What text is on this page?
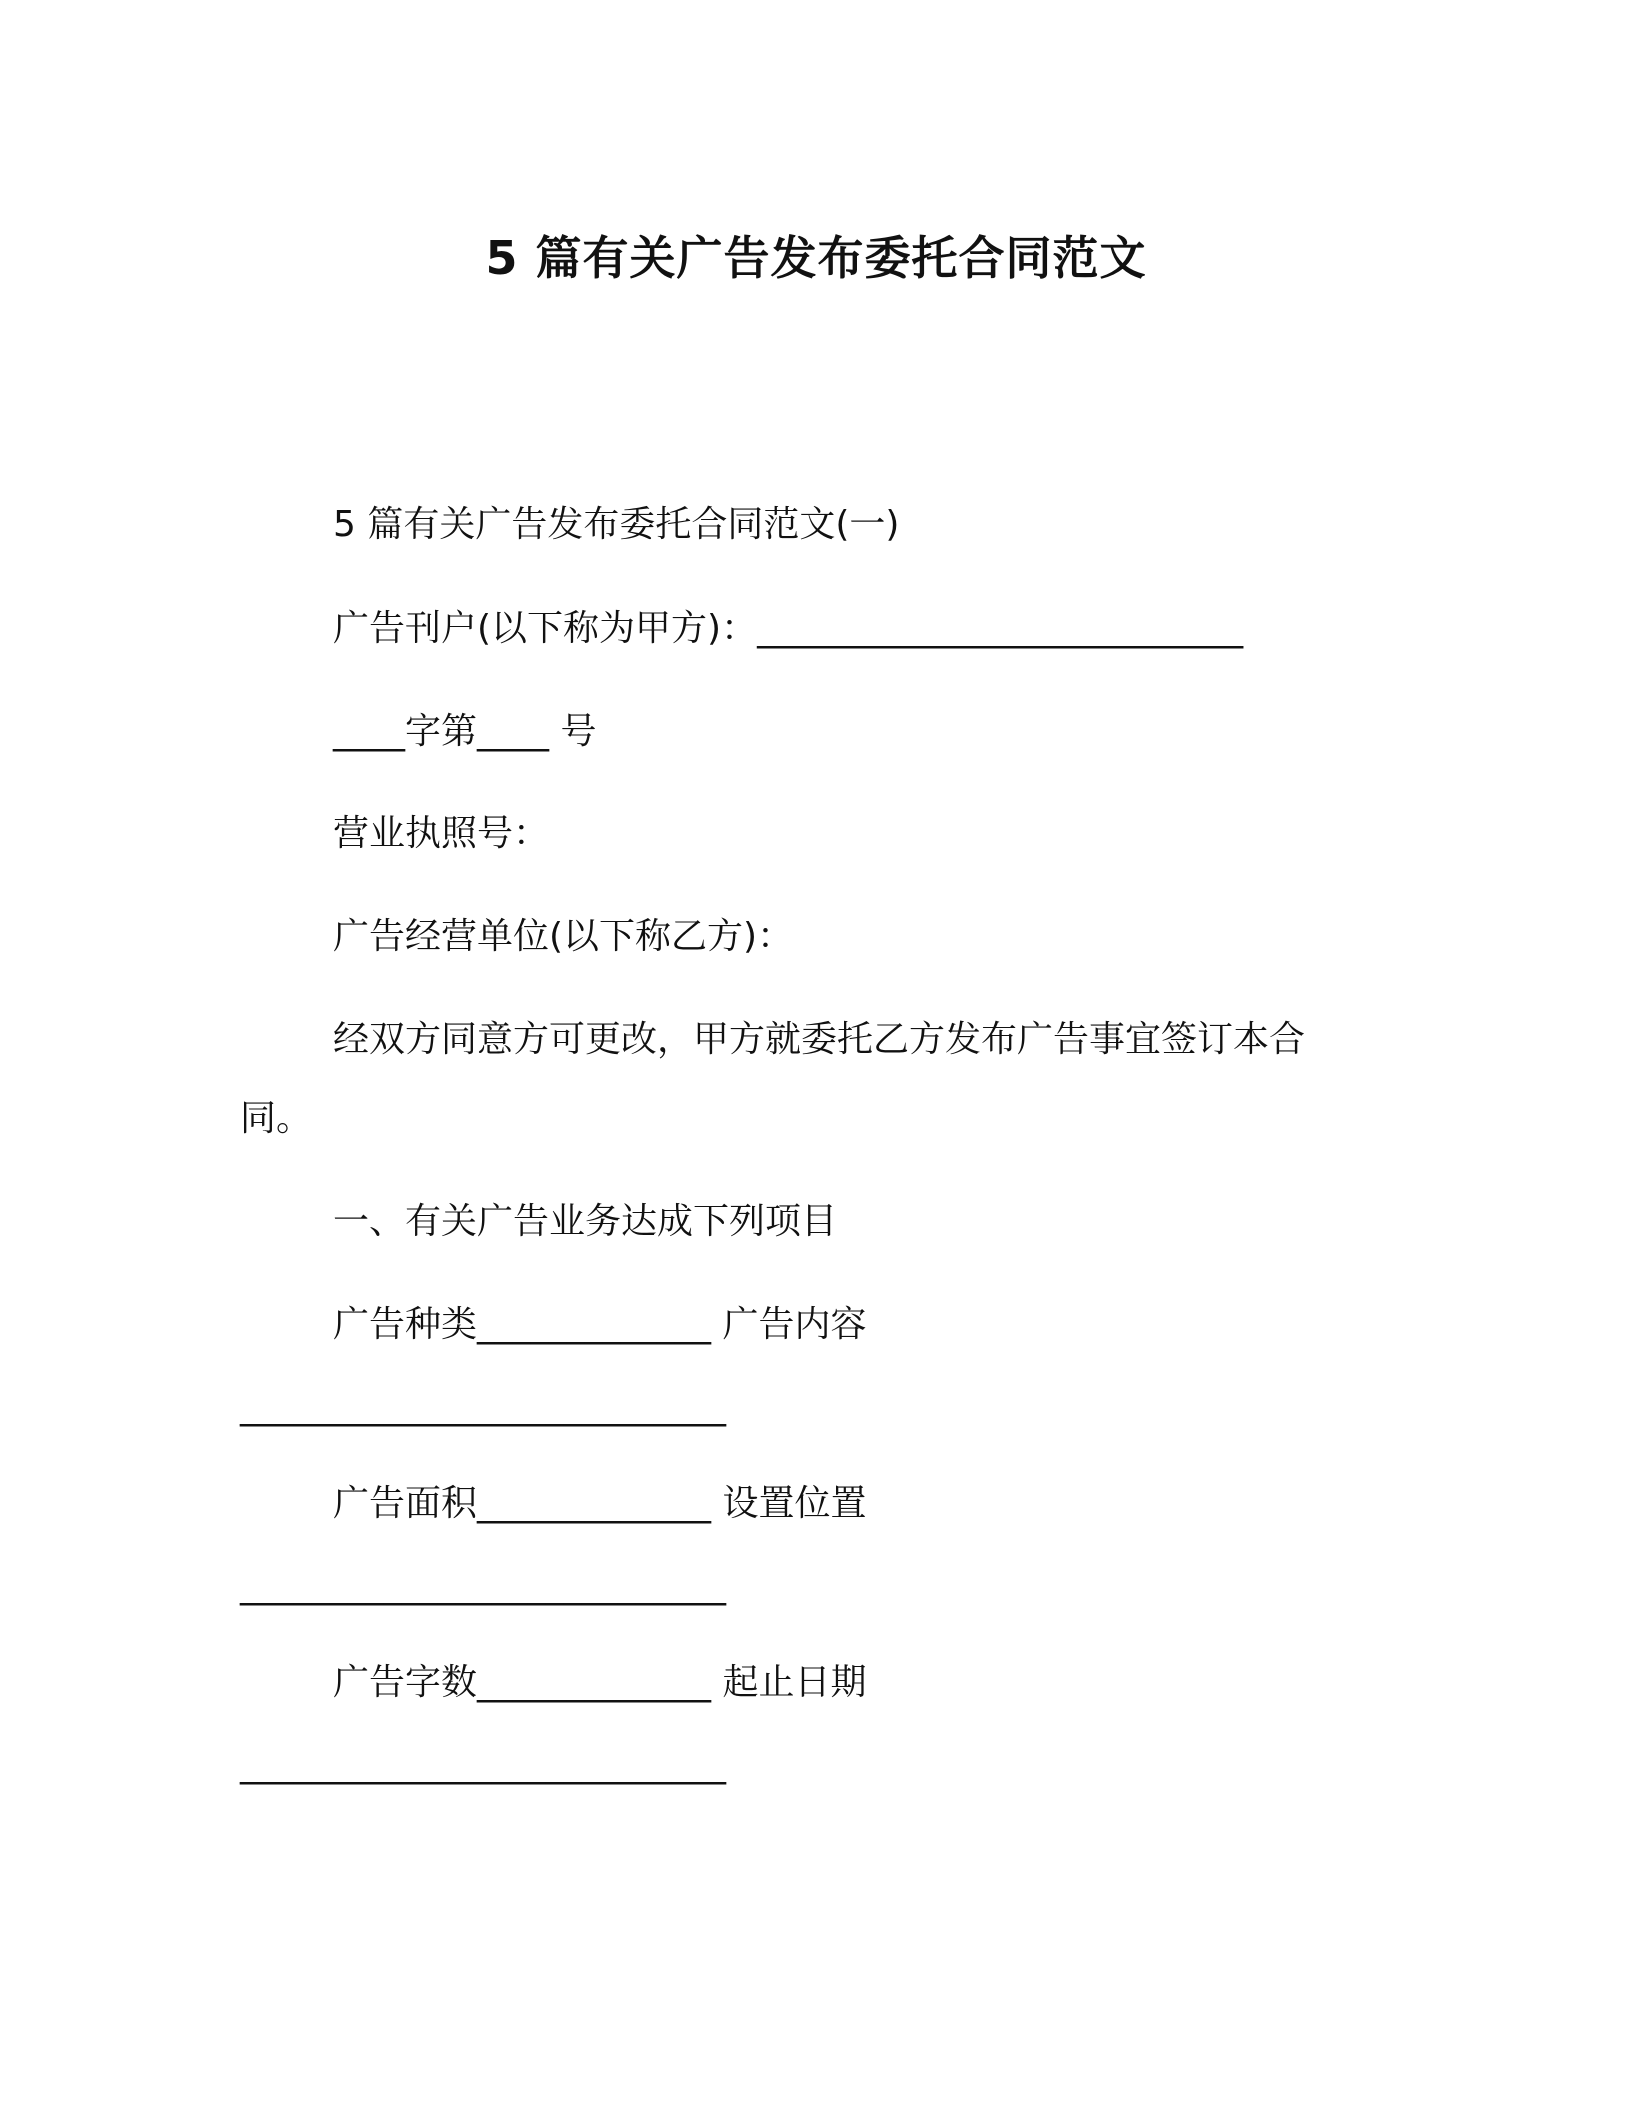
5 篇有关广告发布委托合同范文
5 篇有关广告发布委托合同范文(一)
广告刊户(以下称为甲方)：___________________________
____字第____ 号
营业执照号：
广告经营单位(以下称乙方)：
经双方同意方可更改，甲方就委托乙方发布广告事宜签订本合
同。
一、有关广告业务达成下列项目
广告种类_____________ 广告内容
___________________________
广告面积_____________ 设置位置
___________________________
广告字数_____________ 起止日期
___________________________
